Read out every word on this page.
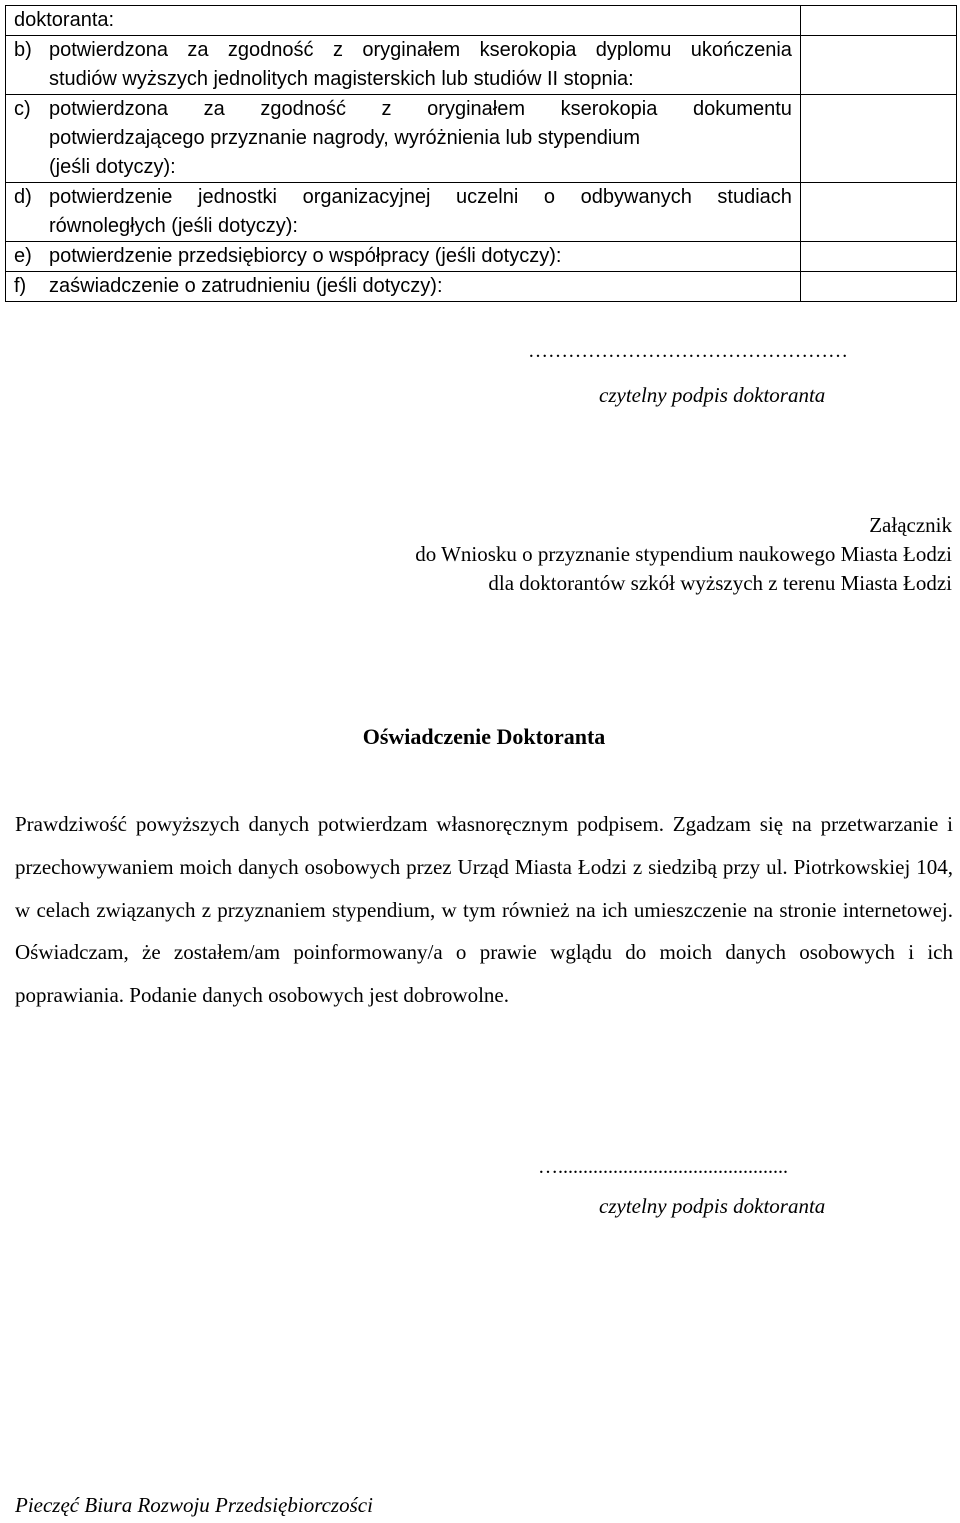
doktoranta:	

b) potwierdzona za zgodność z oryginałem kserokopia dyplomu ukończenia
studiów wyższych jednolitych magisterskich lub studiów II stopnia:	

c) potwierdzona za zgodność z oryginałem kserokopia dokumentu
potwierdzającego przyznanie nagrody, wyróżnienia lub stypendium
(jeśli dotyczy):	

d) potwierdzenie jednostki organizacyjnej uczelni o odbywanych studiach
równoległych (jeśli dotyczy):	

e) potwierdzenie przedsiębiorcy o współpracy (jeśli dotyczy):	

f) zaświadczenie o zatrudnieniu (jeśli dotyczy):	

…………………………………………
czytelny podpis doktoranta
Załącznik
do Wniosku o przyznanie stypendium naukowego Miasta Łodzi
dla doktorantów szkół wyższych z terenu Miasta Łodzi
Oświadczenie Doktoranta
Prawdziwość powyższych danych potwierdzam własnoręcznym podpisem. Zgadzam się na przetwarzanie i przechowywaniem moich danych osobowych przez Urząd Miasta Łodzi z siedzibą przy ul. Piotrkowskiej 104, w celach związanych z przyznaniem stypendium, w tym również na ich umieszczenie na stronie internetowej. Oświadczam, że zostałem/am poinformowany/a o prawie wglądu do moich danych osobowych i ich poprawiania. Podanie danych osobowych jest dobrowolne.
…..............................................
czytelny podpis doktoranta
Pieczęć Biura Rozwoju Przedsiębiorczości
